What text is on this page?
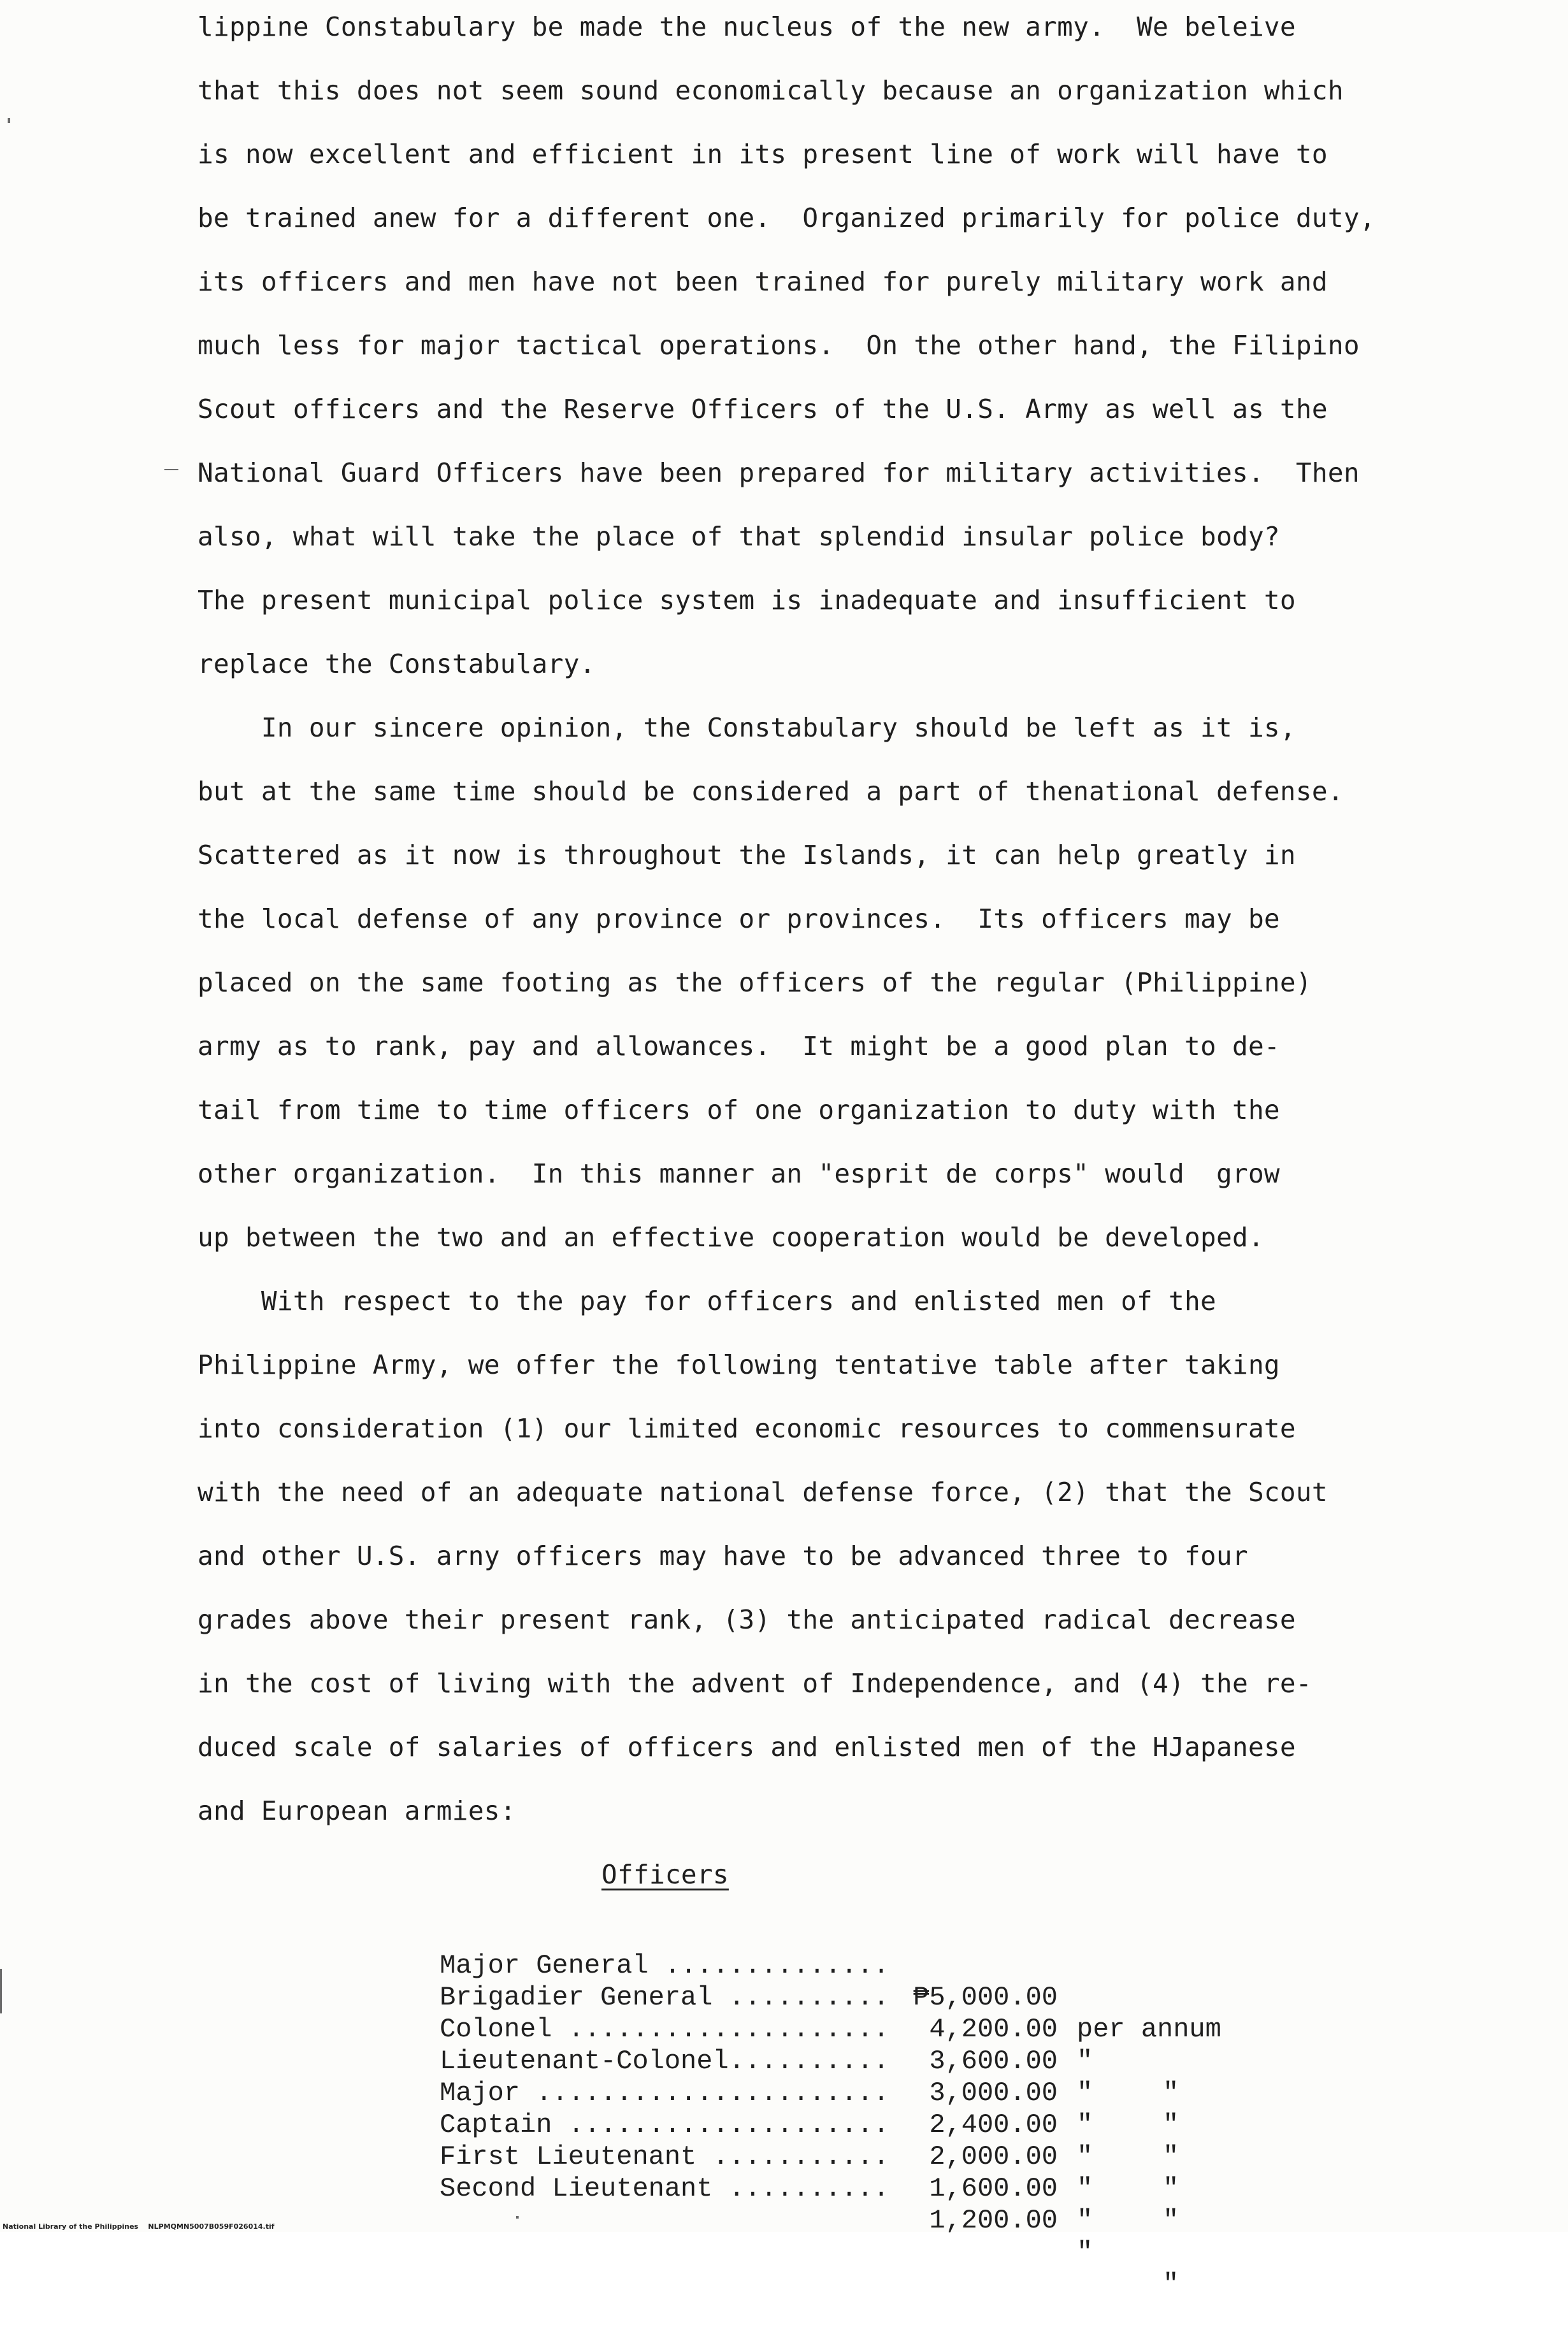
lippine Constabulary be made the nucleus of the new army.  We beleive
that this does not seem sound economically because an organization which
is now excellent and efficient in its present line of work will have to
be trained anew for a different one.  Organized primarily for police duty,
its officers and men have not been trained for purely military work and
much less for major tactical operations.  On the other hand, the Filipino
Scout officers and the Reserve Officers of the U.S. Army as well as the
National Guard Officers have been prepared for military activities.  Then
also, what will take the place of that splendid insular police body?
The present municipal police system is inadequate and insufficient to
replace the Constabulary.
In our sincere opinion, the Constabulary should be left as it is,
but at the same time should be considered a part of thenational defense.
Scattered as it now is throughout the Islands, it can help greatly in
the local defense of any province or provinces.  Its officers may be
placed on the same footing as the officers of the regular (Philippine)
army as to rank, pay and allowances.  It might be a good plan to de-
tail from time to time officers of one organization to duty with the
other organization.  In this manner an "esprit de corps" would  grow
up between the two and an effective cooperation would be developed.
With respect to the pay for officers and enlisted men of the
Philippine Army, we offer the following tentative table after taking
into consideration (1) our limited economic resources to commensurate
with the need of an adequate national defense force, (2) that the Scout
and other U.S. arny officers may have to be advanced three to four
grades above their present rank, (3) the anticipated radical decrease
in the cost of living with the advent of Independence, and (4) the re-
duced scale of salaries of officers and enlisted men of the HJapanese
and European armies:
Officers

Major General ..............

₱5,000.00

per annum

Brigadier General ..........

4,200.00

"

"

Colonel ....................

3,600.00

"

"

Lieutenant-Colonel..........

3,000.00

"

"

Major ......................

2,400.00

"

"

Captain ....................

2,000.00

"

"

First Lieutenant ...........

1,600.00

"

Second Lieutenant ..........

1,200.00

"

"

National Library of the Philippines    NLPMQMN5007B059F026014.tif
